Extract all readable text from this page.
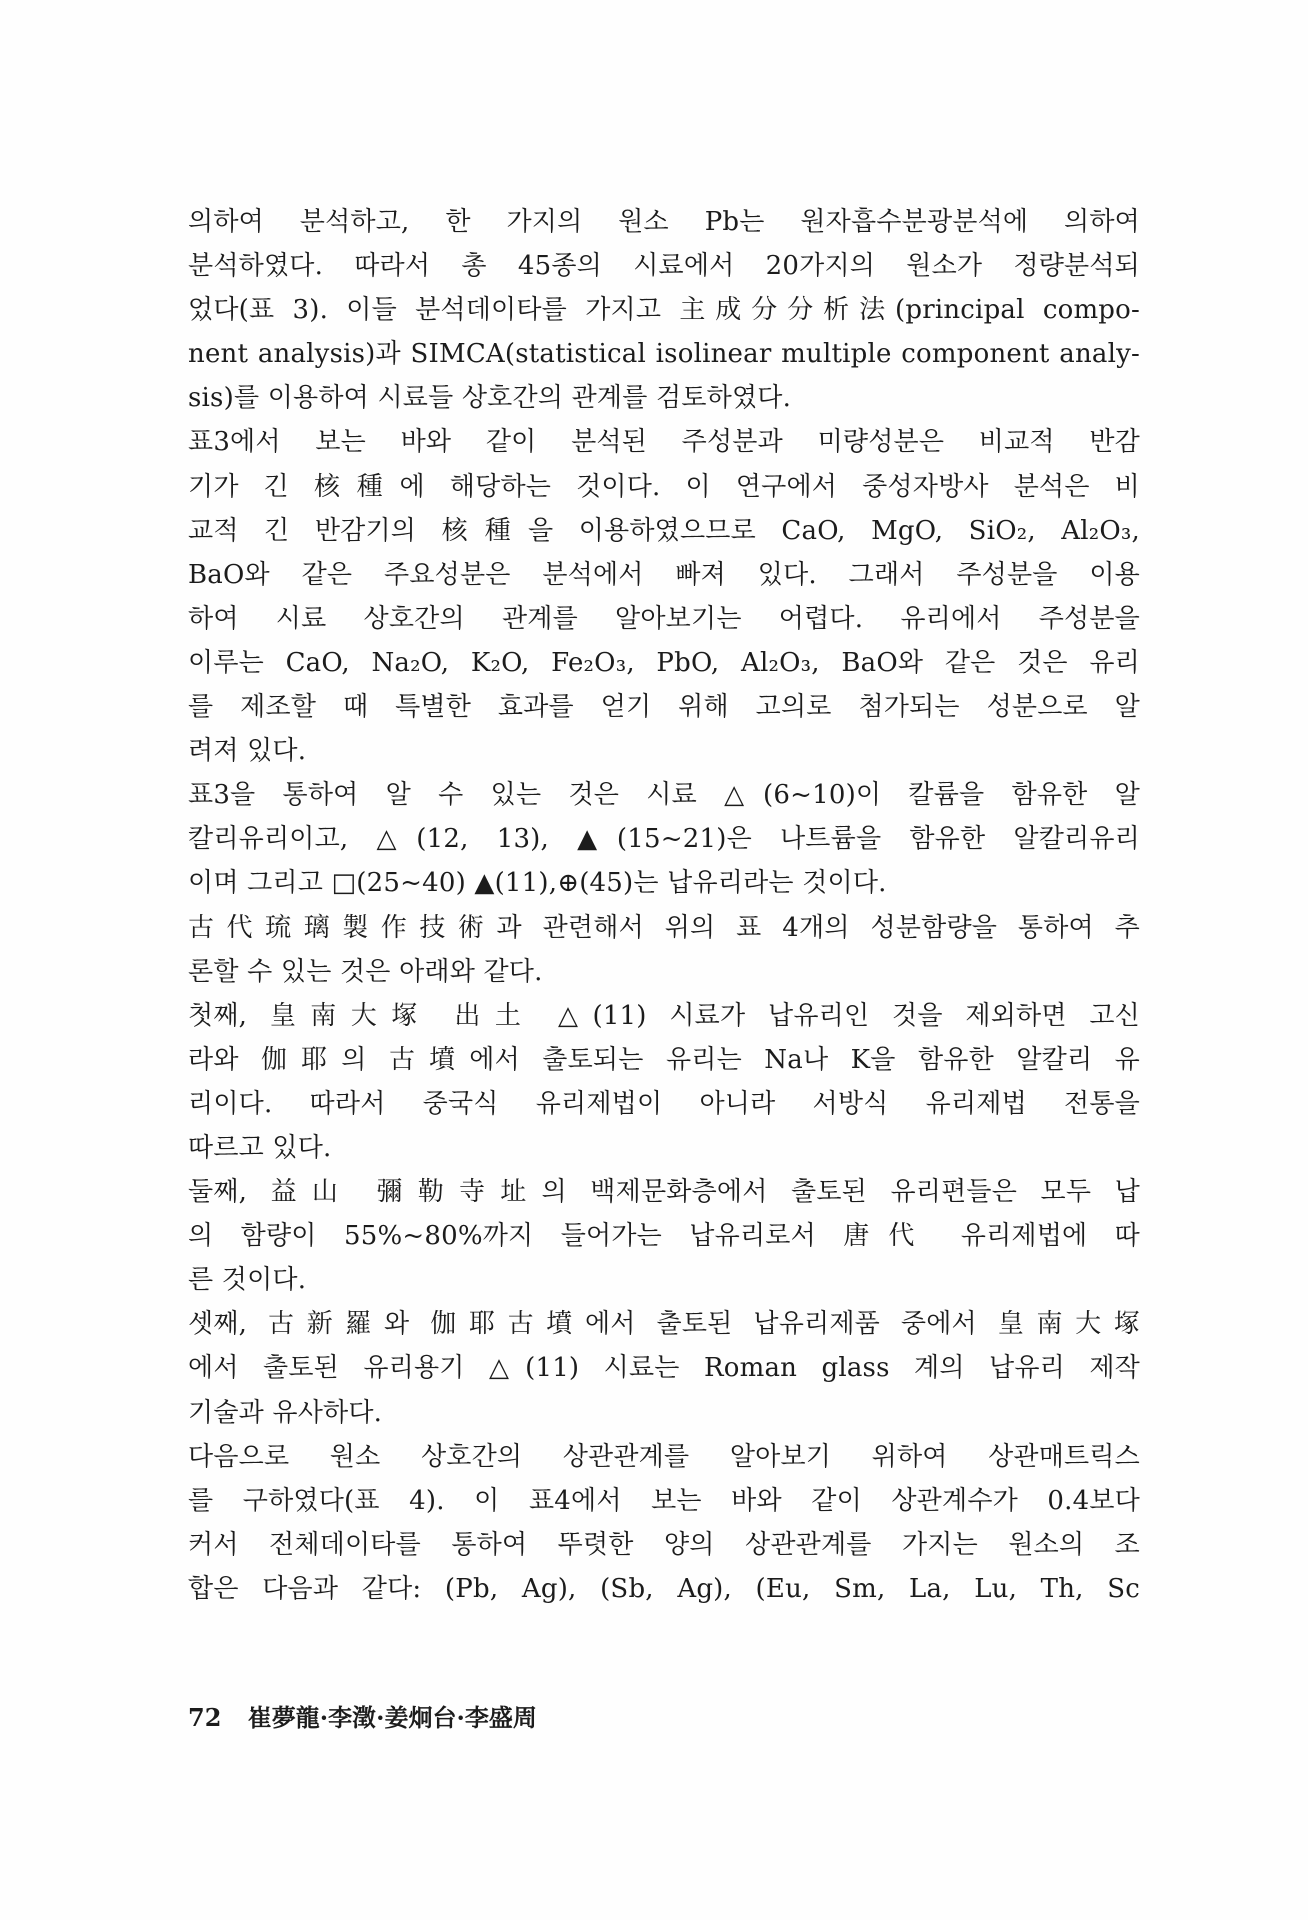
의하여 분석하고, 한 가지의 원소 Pb는 원자흡수분광분석에 의하여
분석하였다. 따라서 총 45종의 시료에서 20가지의 원소가 정량분석되
었다(표 3). 이들 분석데이타를 가지고 主成分分析法(principal compo-
nent analysis)과 SIMCA(statistical isolinear multiple component analy-
sis)를 이용하여 시료들 상호간의 관계를 검토하였다.
표3에서 보는 바와 같이 분석된 주성분과 미량성분은 비교적 반감
기가 긴 核種에 해당하는 것이다. 이 연구에서 중성자방사 분석은 비
교적 긴 반감기의 核種을 이용하였으므로 CaO, MgO, SiO₂, Al₂O₃,
BaO와 같은 주요성분은 분석에서 빠져 있다. 그래서 주성분을 이용
하여 시료 상호간의 관계를 알아보기는 어렵다. 유리에서 주성분을
이루는 CaO, Na₂O, K₂O, Fe₂O₃, PbO, Al₂O₃, BaO와 같은 것은 유리
를 제조할 때 특별한 효과를 얻기 위해 고의로 첨가되는 성분으로 알
려져 있다.
표3을 통하여 알 수 있는 것은 시료 △(6~10)이 칼륨을 함유한 알
칼리유리이고, △(12, 13), ▲(15~21)은 나트륨을 함유한 알칼리유리
이며 그리고 □(25~40) ▲(11),⊕(45)는 납유리라는 것이다.
古代琉璃製作技術과 관련해서 위의 표 4개의 성분함량을 통하여 추
론할 수 있는 것은 아래와 같다.
첫째, 皇南大塚 出土 △(11) 시료가 납유리인 것을 제외하면 고신
라와 伽耶의 古墳에서 출토되는 유리는 Na나 K을 함유한 알칼리 유
리이다. 따라서 중국식 유리제법이 아니라 서방식 유리제법 전통을
따르고 있다.
둘째, 益山 彌勒寺址의 백제문화층에서 출토된 유리편들은 모두 납
의 함량이 55%~80%까지 들어가는 납유리로서 唐代 유리제법에 따
른 것이다.
셋째, 古新羅와 伽耶古墳에서 출토된 납유리제품 중에서 皇南大塚
에서 출토된 유리용기 △(11) 시료는 Roman glass 계의 납유리 제작
기술과 유사하다.
다음으로 원소 상호간의 상관관계를 알아보기 위하여 상관매트릭스
를 구하였다(표 4). 이 표4에서 보는 바와 같이 상관계수가 0.4보다
커서 전체데이타를 통하여 뚜렷한 양의 상관관계를 가지는 원소의 조
합은 다음과 같다: (Pb, Ag), (Sb, Ag), (Eu, Sm, La, Lu, Th, Sc
72 崔夢龍·李澂·姜炯台·李盛周
